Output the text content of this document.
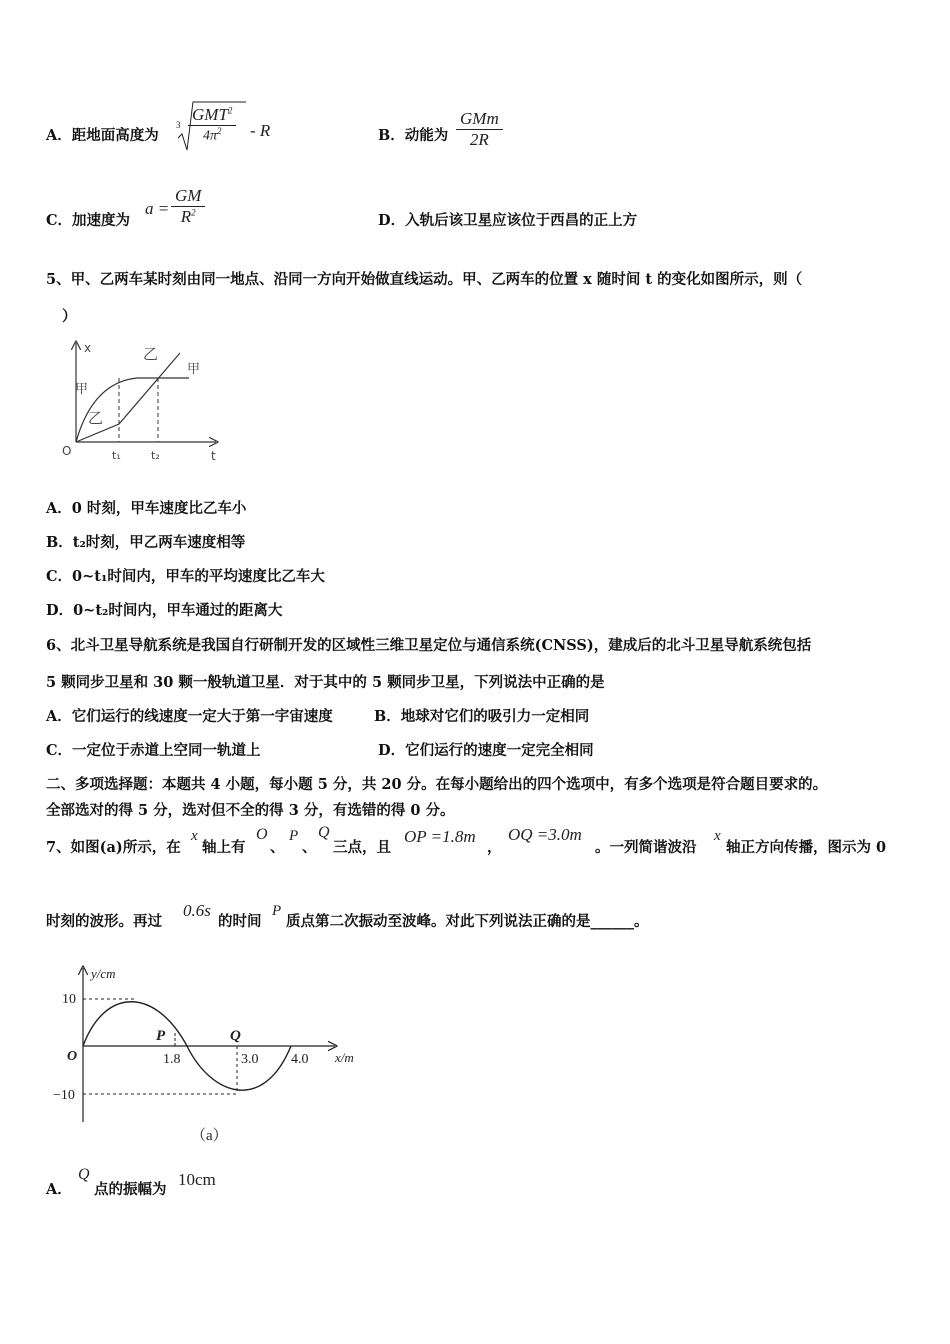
A．距地面高度为
3
GMT$^2$
$4\pi^2$ - R	B．动能为
GMm
2R
C．加速度为
a =
GM
$R^2$	D．入轨后该卫星应该位于西昌的正上方
5、甲、乙两车某时刻由同一地点、沿同一方向开始做直线运动。甲、乙两车的位置 x 随时间 t 的变化如图所示，则（
）
x
t
O
甲
乙
甲
乙
t₁	t₂
A．0 时刻，甲车速度比乙车小
B．t₂时刻，甲乙两车速度相等
C．0~t₁时间内，甲车的平均速度比乙车大
D．0~t₂时间内，甲车通过的距离大
6、北斗卫星导航系统是我国自行研制开发的区域性三维卫星定位与通信系统(CNSS)，建成后的北斗卫星导航系统包括
5 颗同步卫星和 30 颗一般轨道卫星．对于其中的 5 颗同步卫星，下列说法中正确的是
A．它们运行的线速度一定大于第一宇宙速度	B．地球对它们的吸引力一定相同
C．一定位于赤道上空同一轨道上	D．它们运行的速度一定完全相同
二、多项选择题：本题共 4 小题，每小题 5 分，共 20 分。在每小题给出的四个选项中，有多个选项是符合题目要求的。
全部选对的得 5 分，选对但不全的得 3 分，有选错的得 0 分。
7、如图(a)所示，在
x
轴上有
O
、
P
、
Q
三点，且
OP =1.8m
，
OQ =3.0m
。一列简谐波沿
x
轴正方向传播，图示为 0
时刻的波形。再过
0.6s
的时间
P
质点第二次振动至波峰。对此下列说法正确的是______。
y/cm
x/m
O
10
−10
P	Q
1.8	3.0 4.0
（a）
A．
Q
点的振幅为
10cm
